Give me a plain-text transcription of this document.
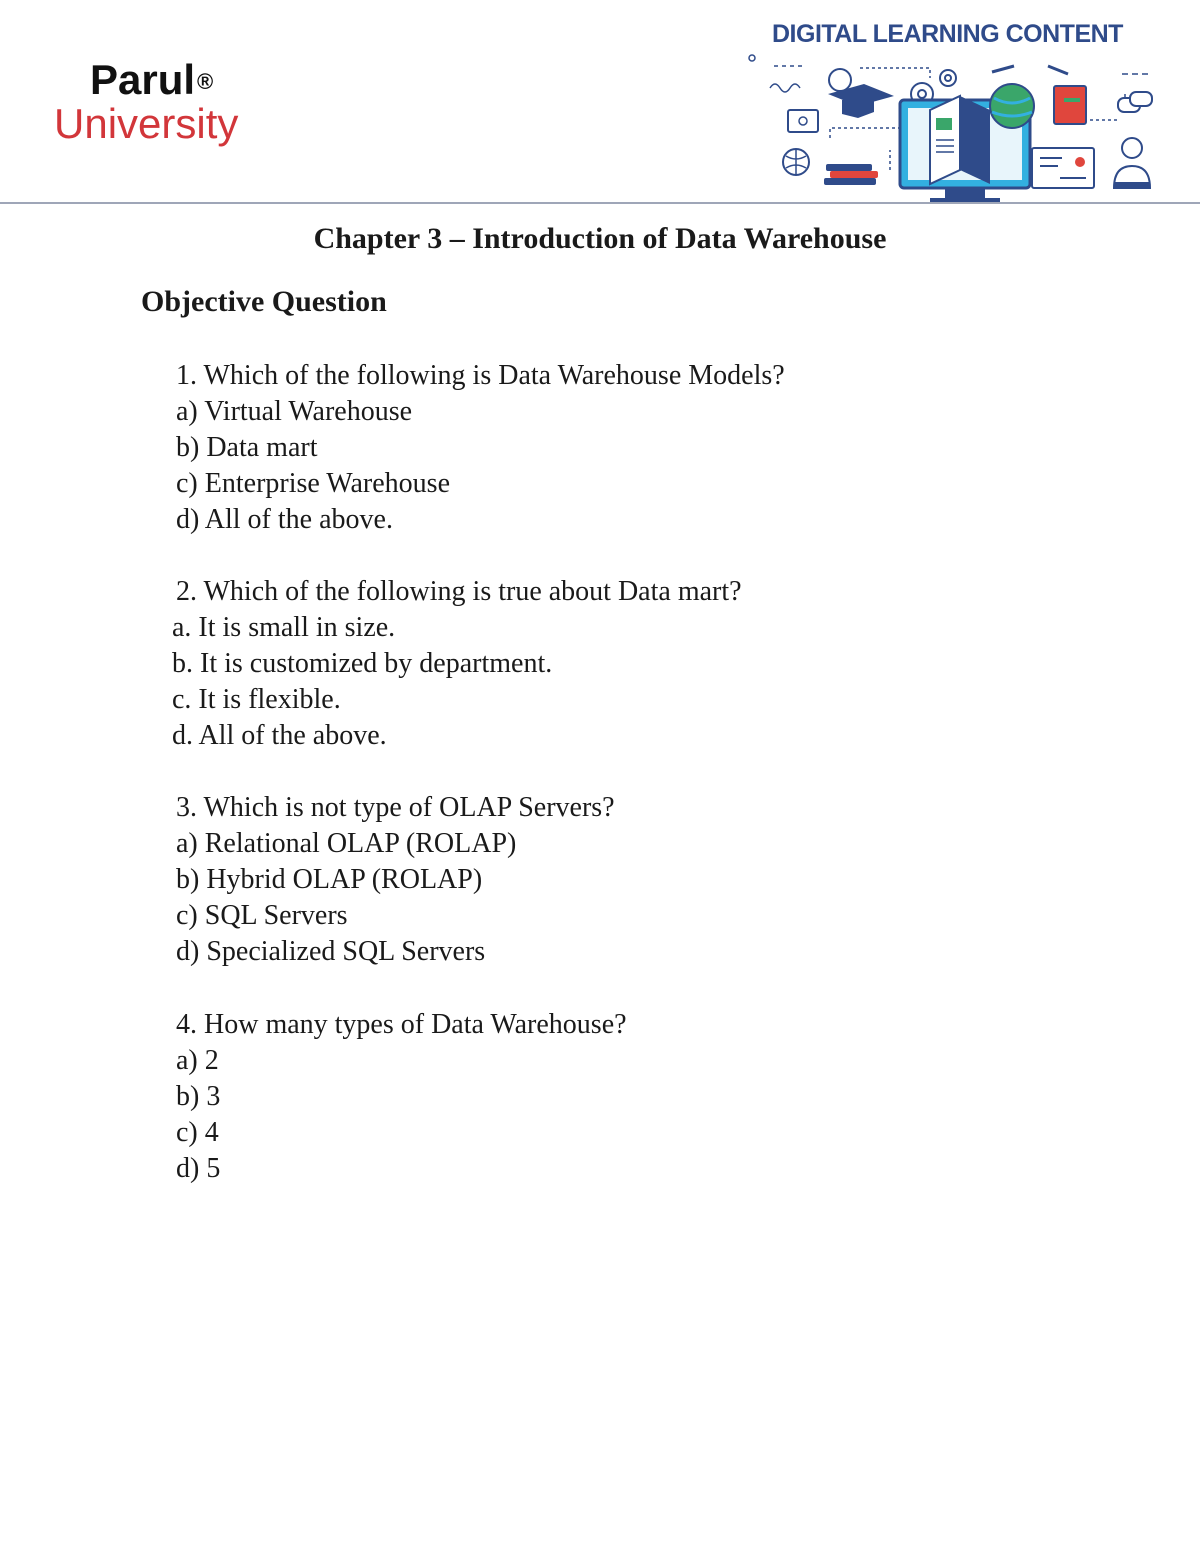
Parul®
University
DIGITAL LEARNING CONTENT
Chapter 3 – Introduction of Data Warehouse
Objective Question
1. Which of the following is Data Warehouse Models?
a) Virtual Warehouse
b) Data mart
c) Enterprise Warehouse
d) All of the above.
2. Which of the following is true about Data mart?
a. It is small in size.
b. It is customized by department.
c. It is flexible.
d. All of the above.
3. Which is not type of OLAP Servers?
a) Relational OLAP (ROLAP)
b) Hybrid OLAP (ROLAP)
c) SQL Servers
d) Specialized SQL Servers
4. How many types of Data Warehouse?
a) 2
b) 3
c) 4
d) 5
